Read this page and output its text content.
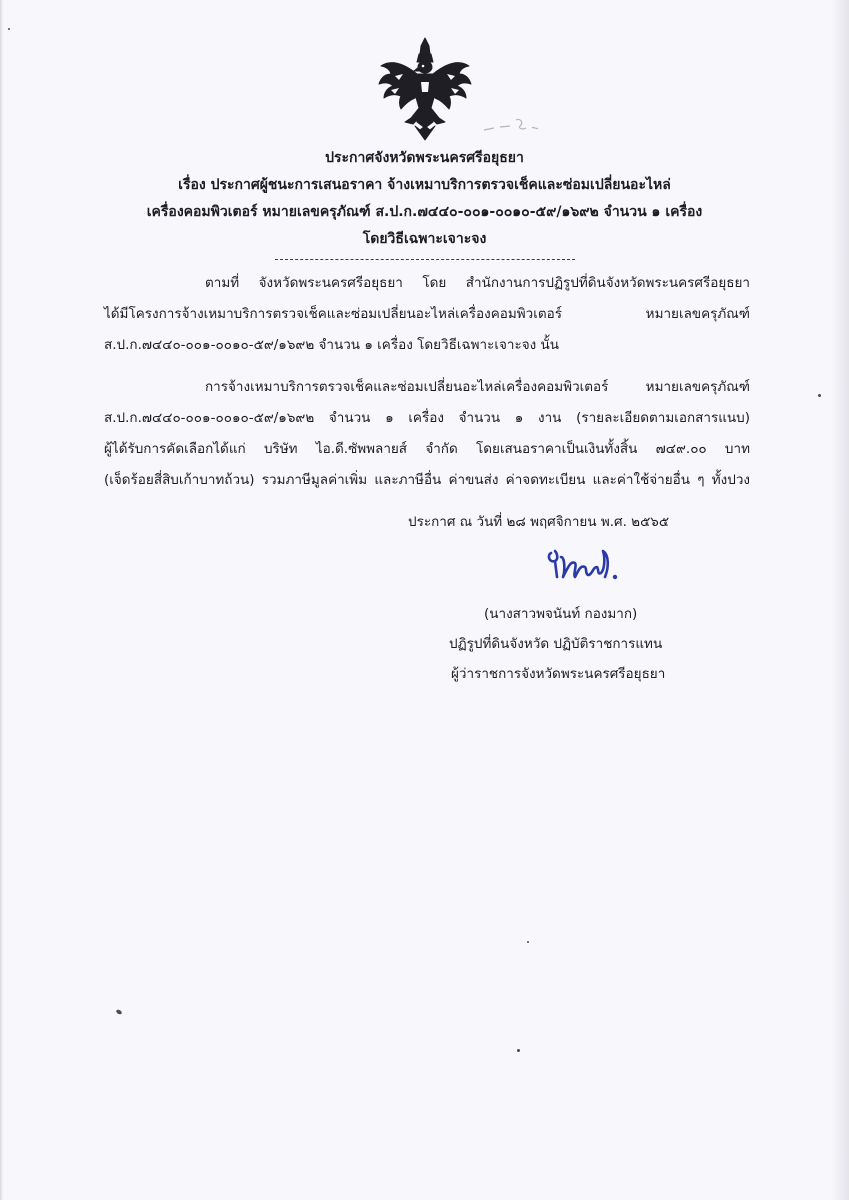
ประกาศจังหวัดพระนครศรีอยุธยา
เรื่อง ประกาศผู้ชนะการเสนอราคา จ้างเหมาบริการตรวจเช็คและซ่อมเปลี่ยนอะไหล่
เครื่องคอมพิวเตอร์ หมายเลขครุภัณฑ์ ส.ป.ก.๗๔๔๐-๐๐๑-๐๐๑๐-๕๙/๑๖๙๒ จำนวน ๑ เครื่อง
โดยวิธีเฉพาะเจาะจง
ตามที่ จังหวัดพระนครศรีอยุธยา โดย สำนักงานการปฏิรูปที่ดินจังหวัดพระนครศรีอยุธยา
ได้มีโครงการจ้างเหมาบริการตรวจเช็คและซ่อมเปลี่ยนอะไหล่เครื่องคอมพิวเตอร์ หมายเลขครุภัณฑ์
ส.ป.ก.๗๔๔๐-๐๐๑-๐๐๑๐-๕๙/๑๖๙๒ จำนวน ๑ เครื่อง โดยวิธีเฉพาะเจาะจง นั้น
การจ้างเหมาบริการตรวจเช็คและซ่อมเปลี่ยนอะไหล่เครื่องคอมพิวเตอร์ หมายเลขครุภัณฑ์
ส.ป.ก.๗๔๔๐-๐๐๑-๐๐๑๐-๕๙/๑๖๙๒ จำนวน ๑ เครื่อง จำนวน ๑ งาน (รายละเอียดตามเอกสารแนบ)
ผู้ได้รับการคัดเลือกได้แก่ บริษัท ไอ.ดี.ซัพพลายส์ จำกัด โดยเสนอราคาเป็นเงินทั้งสิ้น ๗๔๙.๐๐ บาท
(เจ็ดร้อยสี่สิบเก้าบาทถ้วน) รวมภาษีมูลค่าเพิ่ม และภาษีอื่น ค่าขนส่ง ค่าจดทะเบียน และค่าใช้จ่ายอื่น ๆ ทั้งปวง
ประกาศ ณ วันที่ ๒๘ พฤศจิกายน พ.ศ. ๒๕๖๕
(นางสาวพจนันท์ กองมาก)
ปฏิรูปที่ดินจังหวัด ปฏิบัติราชการแทน
ผู้ว่าราชการจังหวัดพระนครศรีอยุธยา
